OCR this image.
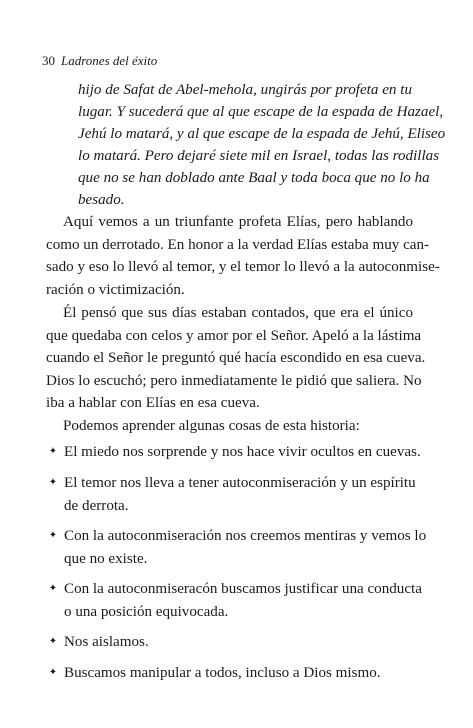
30 Ladrones del éxito
hijo de Safat de Abel-mehola, ungirás por profeta en tu
lugar. Y sucederá que al que escape de la espada de Hazael,
Jehú lo matará, y al que escape de la espada de Jehú, Eliseo
lo matará. Pero dejaré siete mil en Israel, todas las rodillas
que no se han doblado ante Baal y toda boca que no lo ha
besado.
Aquí vemos a un triunfante profeta Elías, pero hablando
como un derrotado. En honor a la verdad Elías estaba muy can-
sado y eso lo llevó al temor, y el temor lo llevó a la autoconmise-
ración o victimización.
Él pensó que sus días estaban contados, que era el único
que quedaba con celos y amor por el Señor. Apeló a la lástima
cuando el Señor le preguntó qué hacía escondido en esa cueva.
Dios lo escuchó; pero inmediatamente le pidió que saliera. No
iba a hablar con Elías en esa cueva.
Podemos aprender algunas cosas de esta historia:
✦ El miedo nos sorprende y nos hace vivir ocultos en cuevas.
✦ El temor nos lleva a tener autoconmiseración y un espíritu
de derrota.
✦ Con la autoconmiseración nos creemos mentiras y vemos lo
que no existe.
✦ Con la autoconmiseracón buscamos justificar una conducta
o una posición equivocada.
✦ Nos aislamos.
✦ Buscamos manipular a todos, incluso a Dios mismo.
